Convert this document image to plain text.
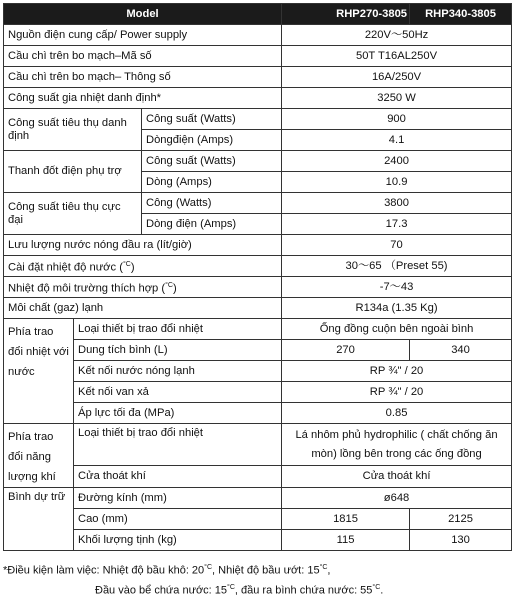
Model			RHP270-3805	RHP340-3805
Nguồn điện cung cấp/ Power supply			220V～50Hz	
Cầu chì trên bo mạch–Mã số			50T T16AL250V	
Cầu chì trên bo mạch– Thông số			16A/250V	
Công suất gia nhiệt danh định*			3250 W	
Công suất tiêu thụ danh định		Công suất (Watts)	900	
		Dòngđiện (Amps)	4.1	
Thanh đốt điện phụ trợ		Công suất (Watts)	2400	
		Dòng (Amps)	10.9	
Công suất tiêu thụ cực đại		Công (Watts)	3800	
		Dòng điện (Amps)	17.3	
Lưu lượng nước nóng đầu ra (lít/giờ)			70	
Cài đặt nhiệt độ nước ($^{^\circ C}$)			30～65 （Preset 55)	
Nhiệt độ môi trường thích hợp ($^{^\circ C}$)			-7～43	
Môi chất (gaz) lạnh			R134a (1.35 Kg)	
Phía trao đổi nhiệt với nước	Loại thiết bị trao đổi nhiệt		Ống đồng cuộn bên ngoài bình	
	Dung tích bình (L)		270	340
	Kết nối nước nóng lạnh		RP ¾" / 20	
	Kết nối van xả		RP ¾" / 20	
	Áp lực tối đa (MPa)		0.85	
Phía trao đổi năng lượng khí	Loại thiết bị trao đổi nhiệt		Lá nhôm phủ hydrophilic ( chất chống ăn mòn) lồng bên trong các ống đồng	
	Cửa thoát khí		Cửa thoát khí	
Bình dự trữ	Đường kính (mm)		ø648	
	Cao (mm)		1815	2125
	Khối lượng tịnh (kg)		115	130
*Điều kiện làm việc: Nhiệt độ bầu khô: $20^{^\circ C}$, Nhiệt độ bầu ướt: $15^{^\circ C}$,
Đầu vào bể chứa nước: $15^{^\circ C}$, đầu ra bình chứa nước: $55^{^\circ C}$.
